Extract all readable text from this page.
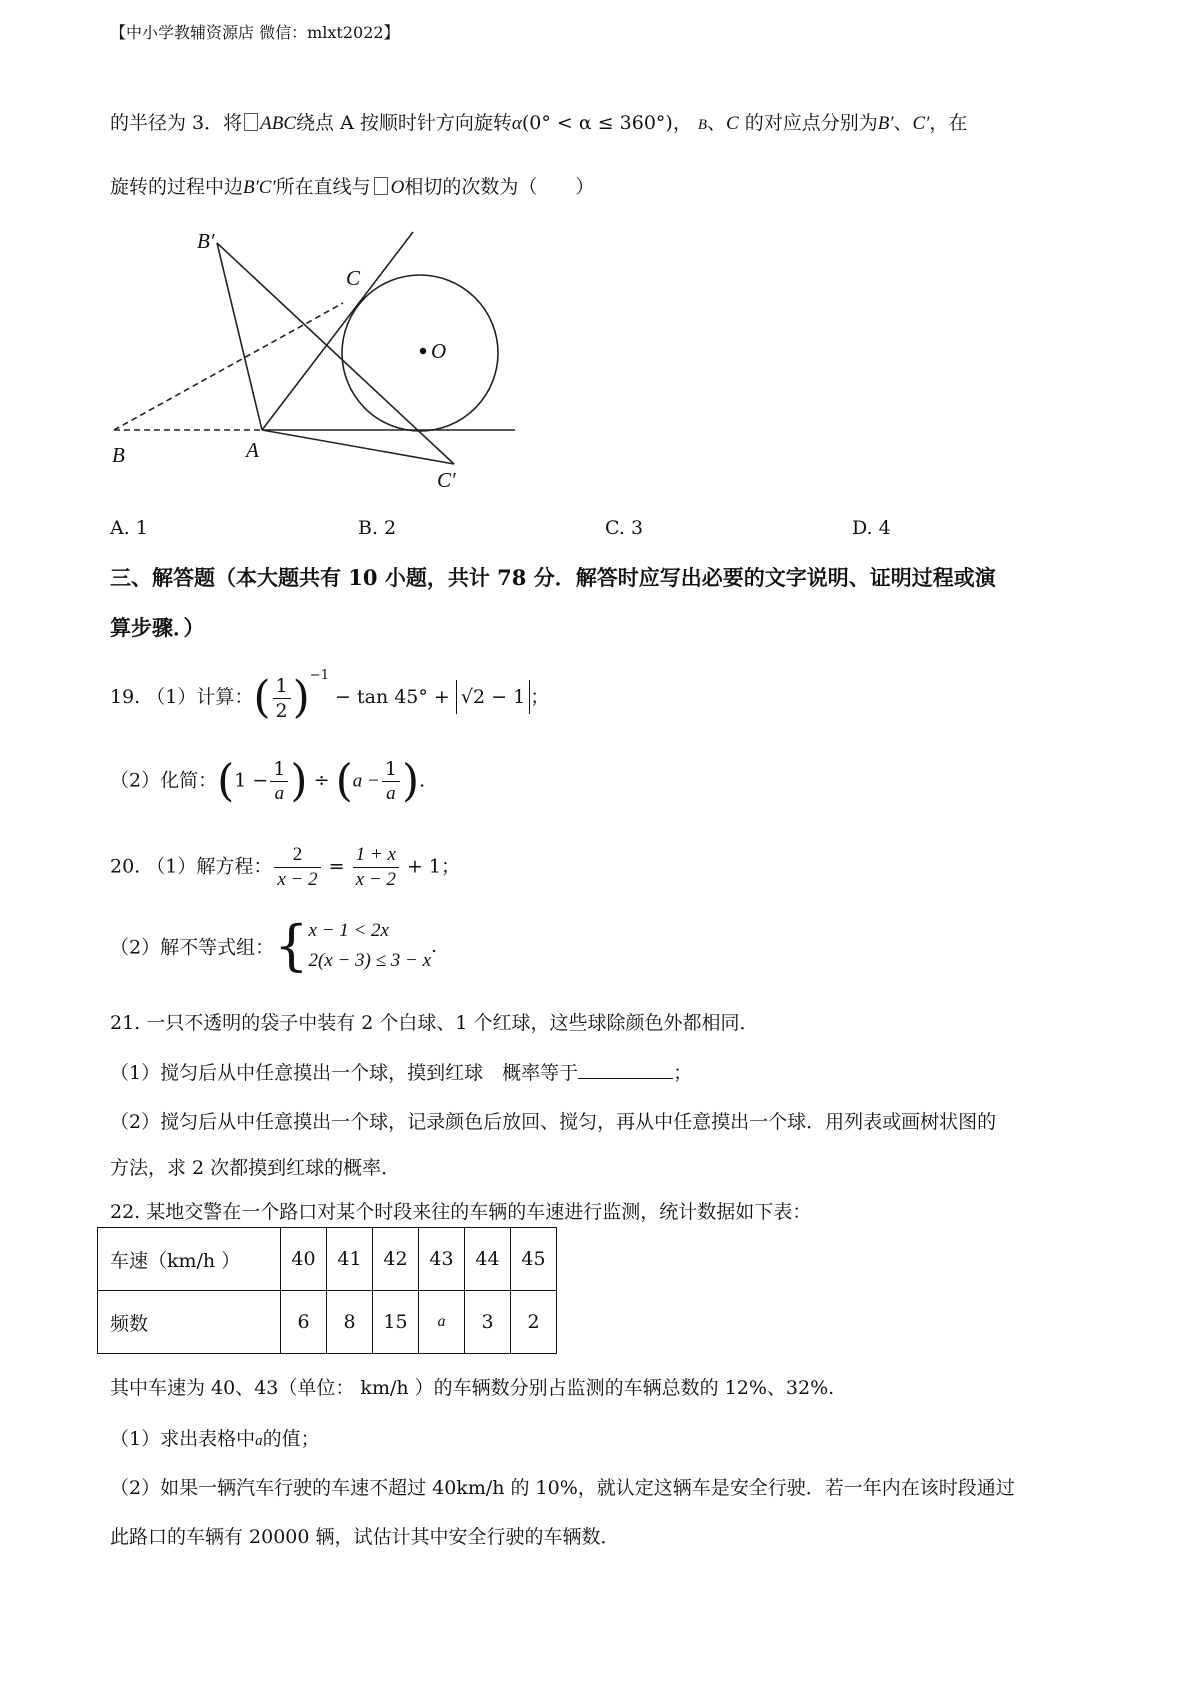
【中小学教辅资源店 微信：mlxt2022】
的半径为 3．将 ABC绕点 A 按顺时针方向旋转α(0° < α ≤ 360°)， B、C 的对应点分别为B′、C′，在
旋转的过程中边B′C′所在直线与 O相切的次数为（　　）
B	A
C
O
B′
C′
A. 1	B. 2	C. 3	D. 4
三、解答题（本大题共有 10 小题，共计 78 分．解答时应写出必要的文字说明、证明过程或演
算步骤．）
19. （1）计算：( $\frac{1}{2} )^{-1} - \tan 45^\circ + √2 - 1$ ；
（2）化简：($1 - \frac{1}{a}$ ) ÷ ($a - \frac{1}{a}$ ).
20. （1）解方程： $\frac{2}{x - 2} = \frac{1 + x}{x - 2} + 1$；
（2）解不等式组：{ x − 1 < 2x
2(x − 3) ≤ 3 − x
.
21. 一只不透明的袋子中装有 2 个白球、1 个红球，这些球除颜色外都相同．
（1）搅匀后从中任意摸出一个球，摸到红球　概率等于	；
（2）搅匀后从中任意摸出一个球，记录颜色后放回、搅匀，再从中任意摸出一个球．用列表或画树状图的
方法，求 2 次都摸到红球的概率．
22. 某地交警在一个路口对某个时段来往的车辆的车速进行监测，统计数据如下表：
车速（km/h ）	40	41	42	43	44	45
频数	6	8	15	a	3	2
其中车速为 40、43（单位： km/h ）的车辆数分别占监测的车辆总数的 12%、32%.
（1）求出表格中a的值；
（2）如果一辆汽车行驶的车速不超过 40km/h 的 10%，就认定这辆车是安全行驶．若一年内在该时段通过
此路口的车辆有 20000 辆，试估计其中安全行驶的车辆数．
